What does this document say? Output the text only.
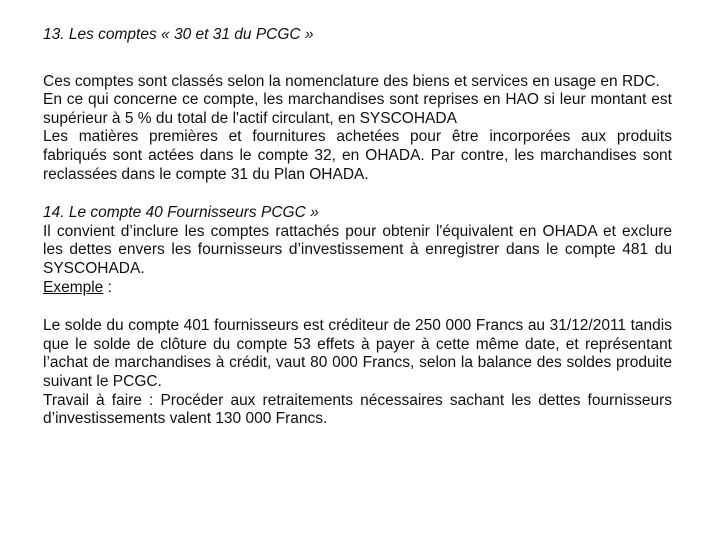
13. Les comptes « 30 et 31 du PCGC »

Ces comptes sont classés selon la nomenclature des biens et services en usage en RDC.

En ce qui concerne ce compte, les marchandises sont reprises en HAO si leur montant est supérieur à 5 % du total de l'actif circulant, en SYSCOHADA

Les matières premières et fournitures achetées pour être incorporées aux produits fabriqués sont actées dans le compte 32, en OHADA. Par contre, les marchandises sont reclassées dans le compte 31 du Plan OHADA.

14. Le compte 40 Fournisseurs PCGC »

Il convient d’inclure les comptes rattachés pour obtenir l'équivalent en OHADA et exclure les dettes envers les fournisseurs d’investissement à enregistrer dans le compte 481 du SYSCOHADA.

Exemple :

Le solde du compte 401 fournisseurs est créditeur de 250 000 Francs au 31/12/2011 tandis que le solde de clôture du compte 53 effets à payer à cette même date, et représentant l’achat de marchandises à crédit, vaut 80 000 Francs, selon la balance des soldes produite suivant le PCGC.

Travail à faire : Procéder aux retraitements nécessaires sachant les dettes fournisseurs d’investissements valent 130 000 Francs.
